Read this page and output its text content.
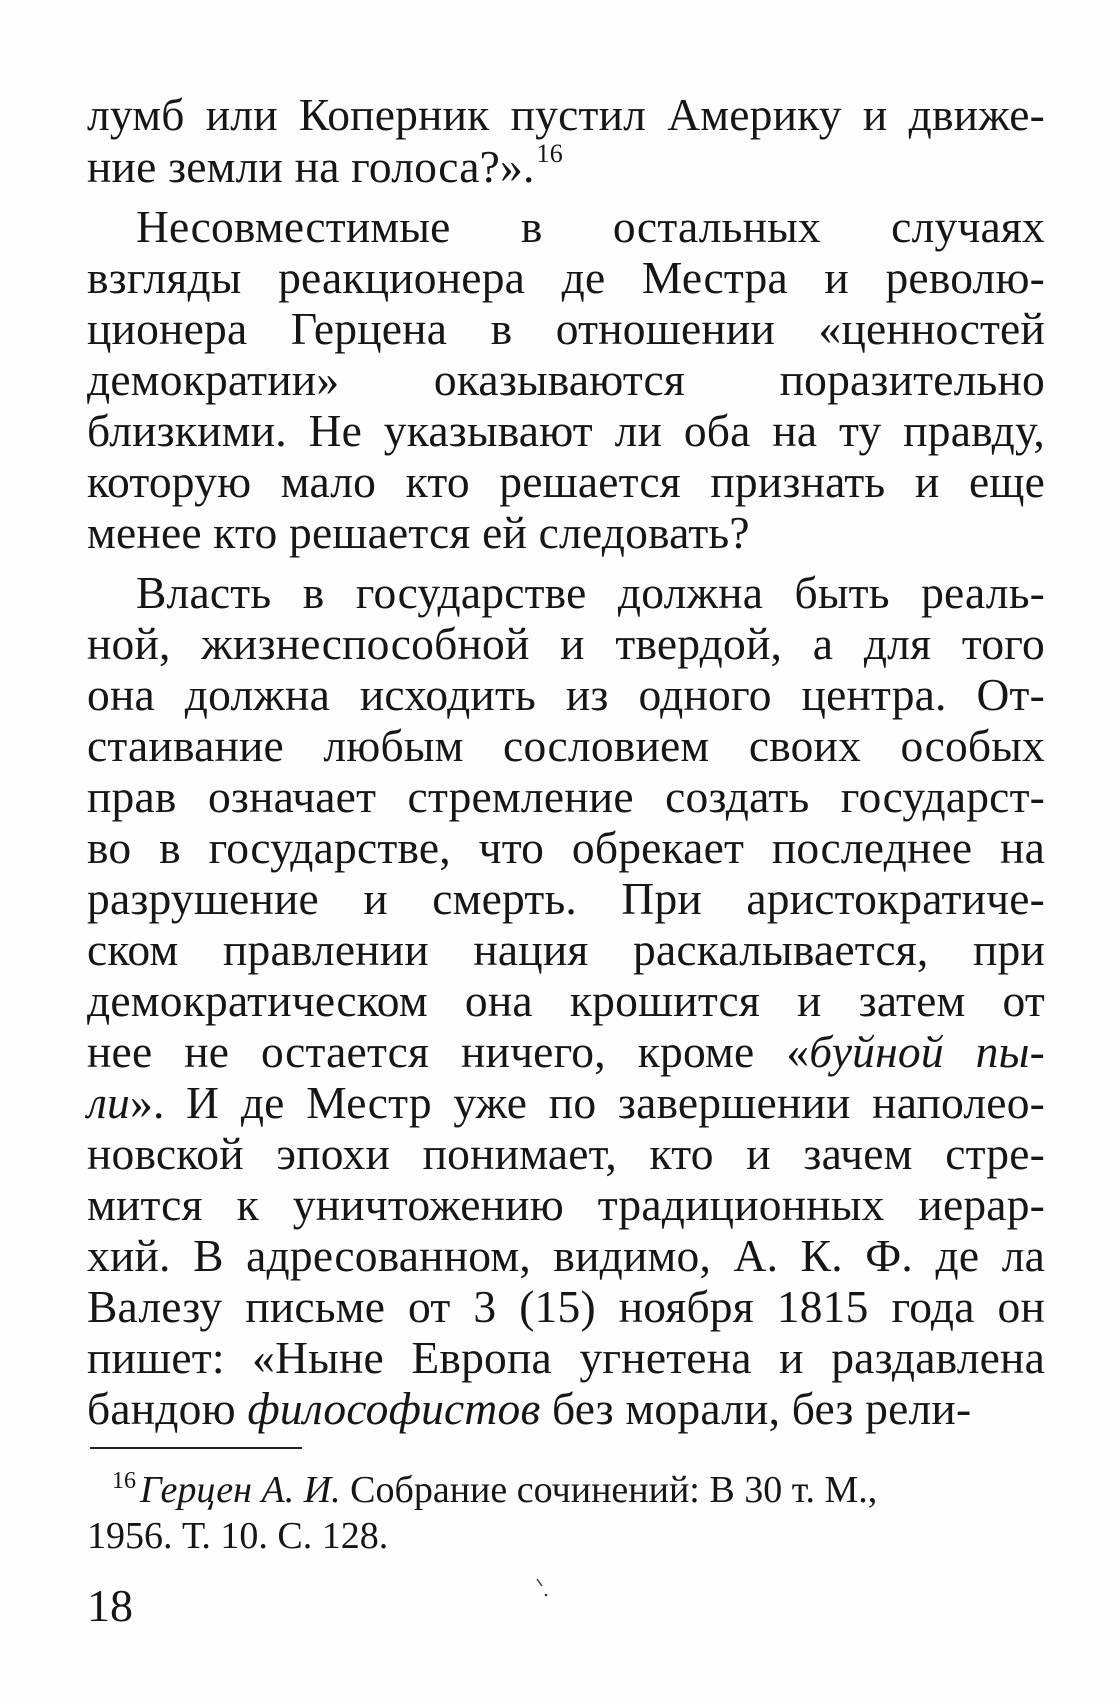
лумб или Коперник пустил Америку и движе-
ние земли на голоса?».$^{16}$
Несовместимые в остальных случаях
взгляды реакционера де Местра и револю-
ционера Герцена в отношении «ценностей
демократии» оказываются поразительно
близкими. Не указывают ли оба на ту правду,
которую мало кто решается признать и еще
менее кто решается ей следовать?
Власть в государстве должна быть реаль-
ной, жизнеспособной и твердой, а для того
она должна исходить из одного центра. От-
стаивание любым сословием своих особых
прав означает стремление создать государст-
во в государстве, что обрекает последнее на
разрушение и смерть. При аристократиче-
ском правлении нация раскалывается, при
демократическом она крошится и затем от
нее не остается ничего, кроме «буйной пы-
ли». И де Местр уже по завершении наполео-
новской эпохи понимает, кто и зачем стре-
мится к уничтожению традиционных иерар-
хий. В адресованном, видимо, А. К. Ф. де ла
Валезу письме от 3 (15) ноября 1815 года он
пишет: «Ныне Европа угнетена и раздавлена
бандою философистов без морали, без рели-
$^{16}$ Герцен А. И. Собрание сочинений: В 30 т. М.,
1956. Т. 10. С. 128.
18
